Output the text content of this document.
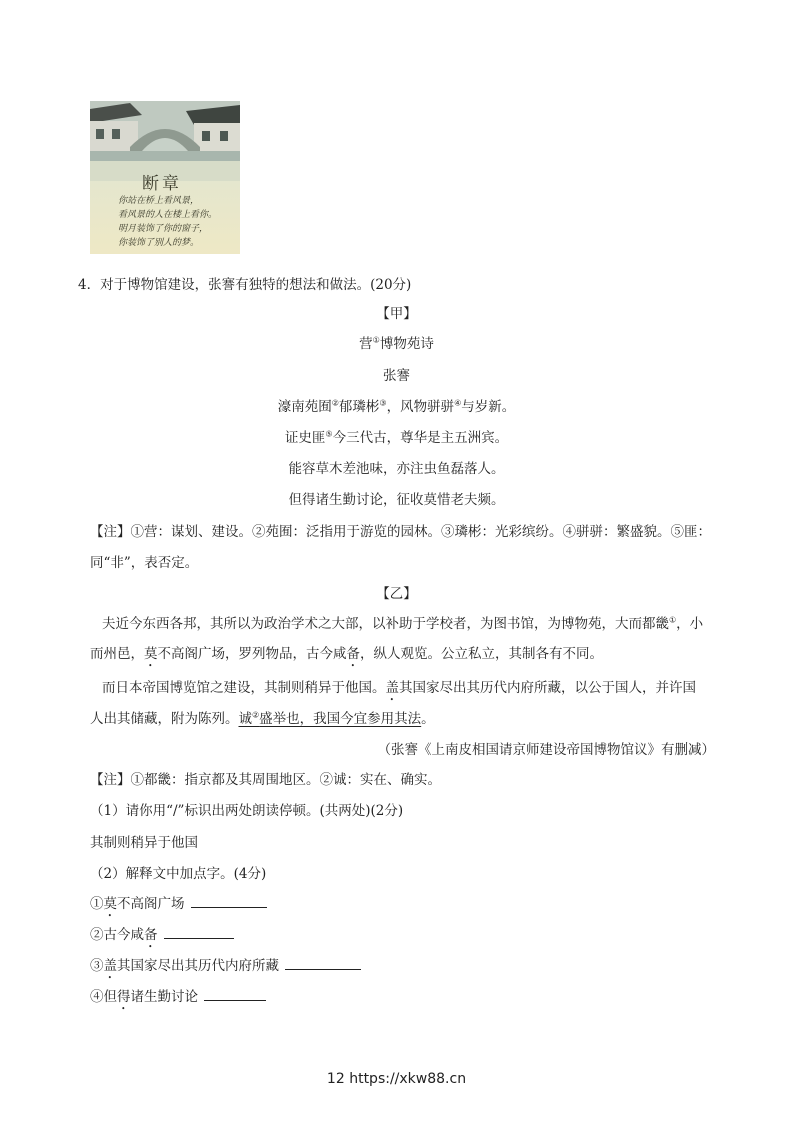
断章
你站在桥上看风景，
看风景的人在楼上看你。
明月装饰了你的窗子，
你装饰了别人的梦。
4．对于博物馆建设，张謇有独特的想法和做法。(20分)
【甲】
营①博物苑诗
张謇
濠南苑囿②郁璘彬③，风物骈骈④与岁新。
证史匪⑤今三代古，尊华是主五洲宾。
能容草木差池味，亦注虫鱼磊落人。
但得诸生勤讨论，征收莫惜老夫频。
【注】①营：谋划、建设。②苑囿：泛指用于游览的园林。③璘彬：光彩缤纷。④骈骈：繁盛貌。⑤匪：
同“非”，表否定。
【乙】
夫近今东西各邦，其所以为政治学术之大部，以补助于学校者，为图书馆，为博物苑，大而都畿①，小
而州邑，莫不高阁广场，罗列物品，古今咸备，纵人观览。公立私立，其制各有不同。
而日本帝国博览馆之建设，其制则稍异于他国。盖其国家尽出其历代内府所藏，以公于国人，并许国
人出其储藏，附为陈列。诚②盛举也，我国今宜参用其法。
（张謇《上南皮相国请京师建设帝国博物馆议》有删减）
【注】①都畿：指京都及其周围地区。②诚：实在、确实。
（1）请你用“/”标识出两处朗读停顿。(共两处)(2分)
其制则稍异于他国
（2）解释文中加点字。(4分)
①莫不高阁广场
②古今咸备
③盖其国家尽出其历代内府所藏
④但得诸生勤讨论
12 https://xkw88.cn
